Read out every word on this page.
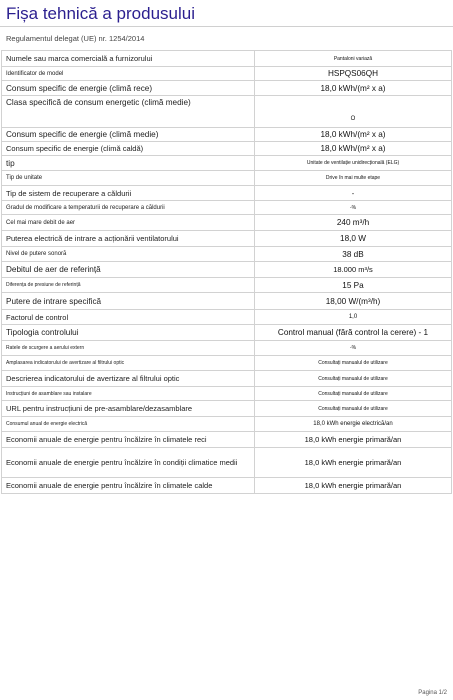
Fișa tehnică a produsului
Regulamentul delegat (UE) nr. 1254/2014
Numele sau marca comercială a furnizorului	Pantaloni variază
Identificator de model	HSPQS06QH
Consum specific de energie (climă rece)	18,0 kWh/(m² x a)
Clasa specifică de consum energetic (climă medie)	O
Consum specific de energie (climă medie)	18,0 kWh/(m² x a)
Consum specific de energie (climă caldă)	18,0 kWh/(m² x a)
tip	Unitate de ventilație unidirecțională (ELG)
Tip de unitate	Drive în mai multe etape
Tip de sistem de recuperare a căldurii	-
Gradul de modificare a temperaturii de recuperare a căldurii	-%
Cel mai mare debit de aer	240 m³/h
Puterea electrică de intrare a acționării ventilatorului	18,0 W
Nivel de putere sonoră	38 dB
Debitul de aer de referință	18.000 m³/s
Diferența de presiune de referință	15 Pa
Putere de intrare specifică	18,00 W/(m³/h)
Factorul de control	1,0
Tipologia controlului	Control manual (fără control la cerere) - 1
Ratele de scurgere a aerului extern	-%
Amplasarea indicatorului de avertizare al filtrului optic	Consultați manualul de utilizare
Descrierea indicatorului de avertizare al filtrului optic	Consultați manualul de utilizare
Instrucțiuni de asamblare sau instalare	Consultați manualul de utilizare
URL pentru instrucțiuni de pre-asamblare/dezasamblare	Consultați manualul de utilizare
Consumul anual de energie electrică	18,0 kWh energie electrică/an
Economii anuale de energie pentru încălzire în climatele reci	18,0 kWh energie primară/an
Economii anuale de energie pentru încălzire în condiții climatice medii	18,0 kWh energie primară/an
Economii anuale de energie pentru încălzire în climatele calde	18,0 kWh energie primară/an
Pagina 1/2
